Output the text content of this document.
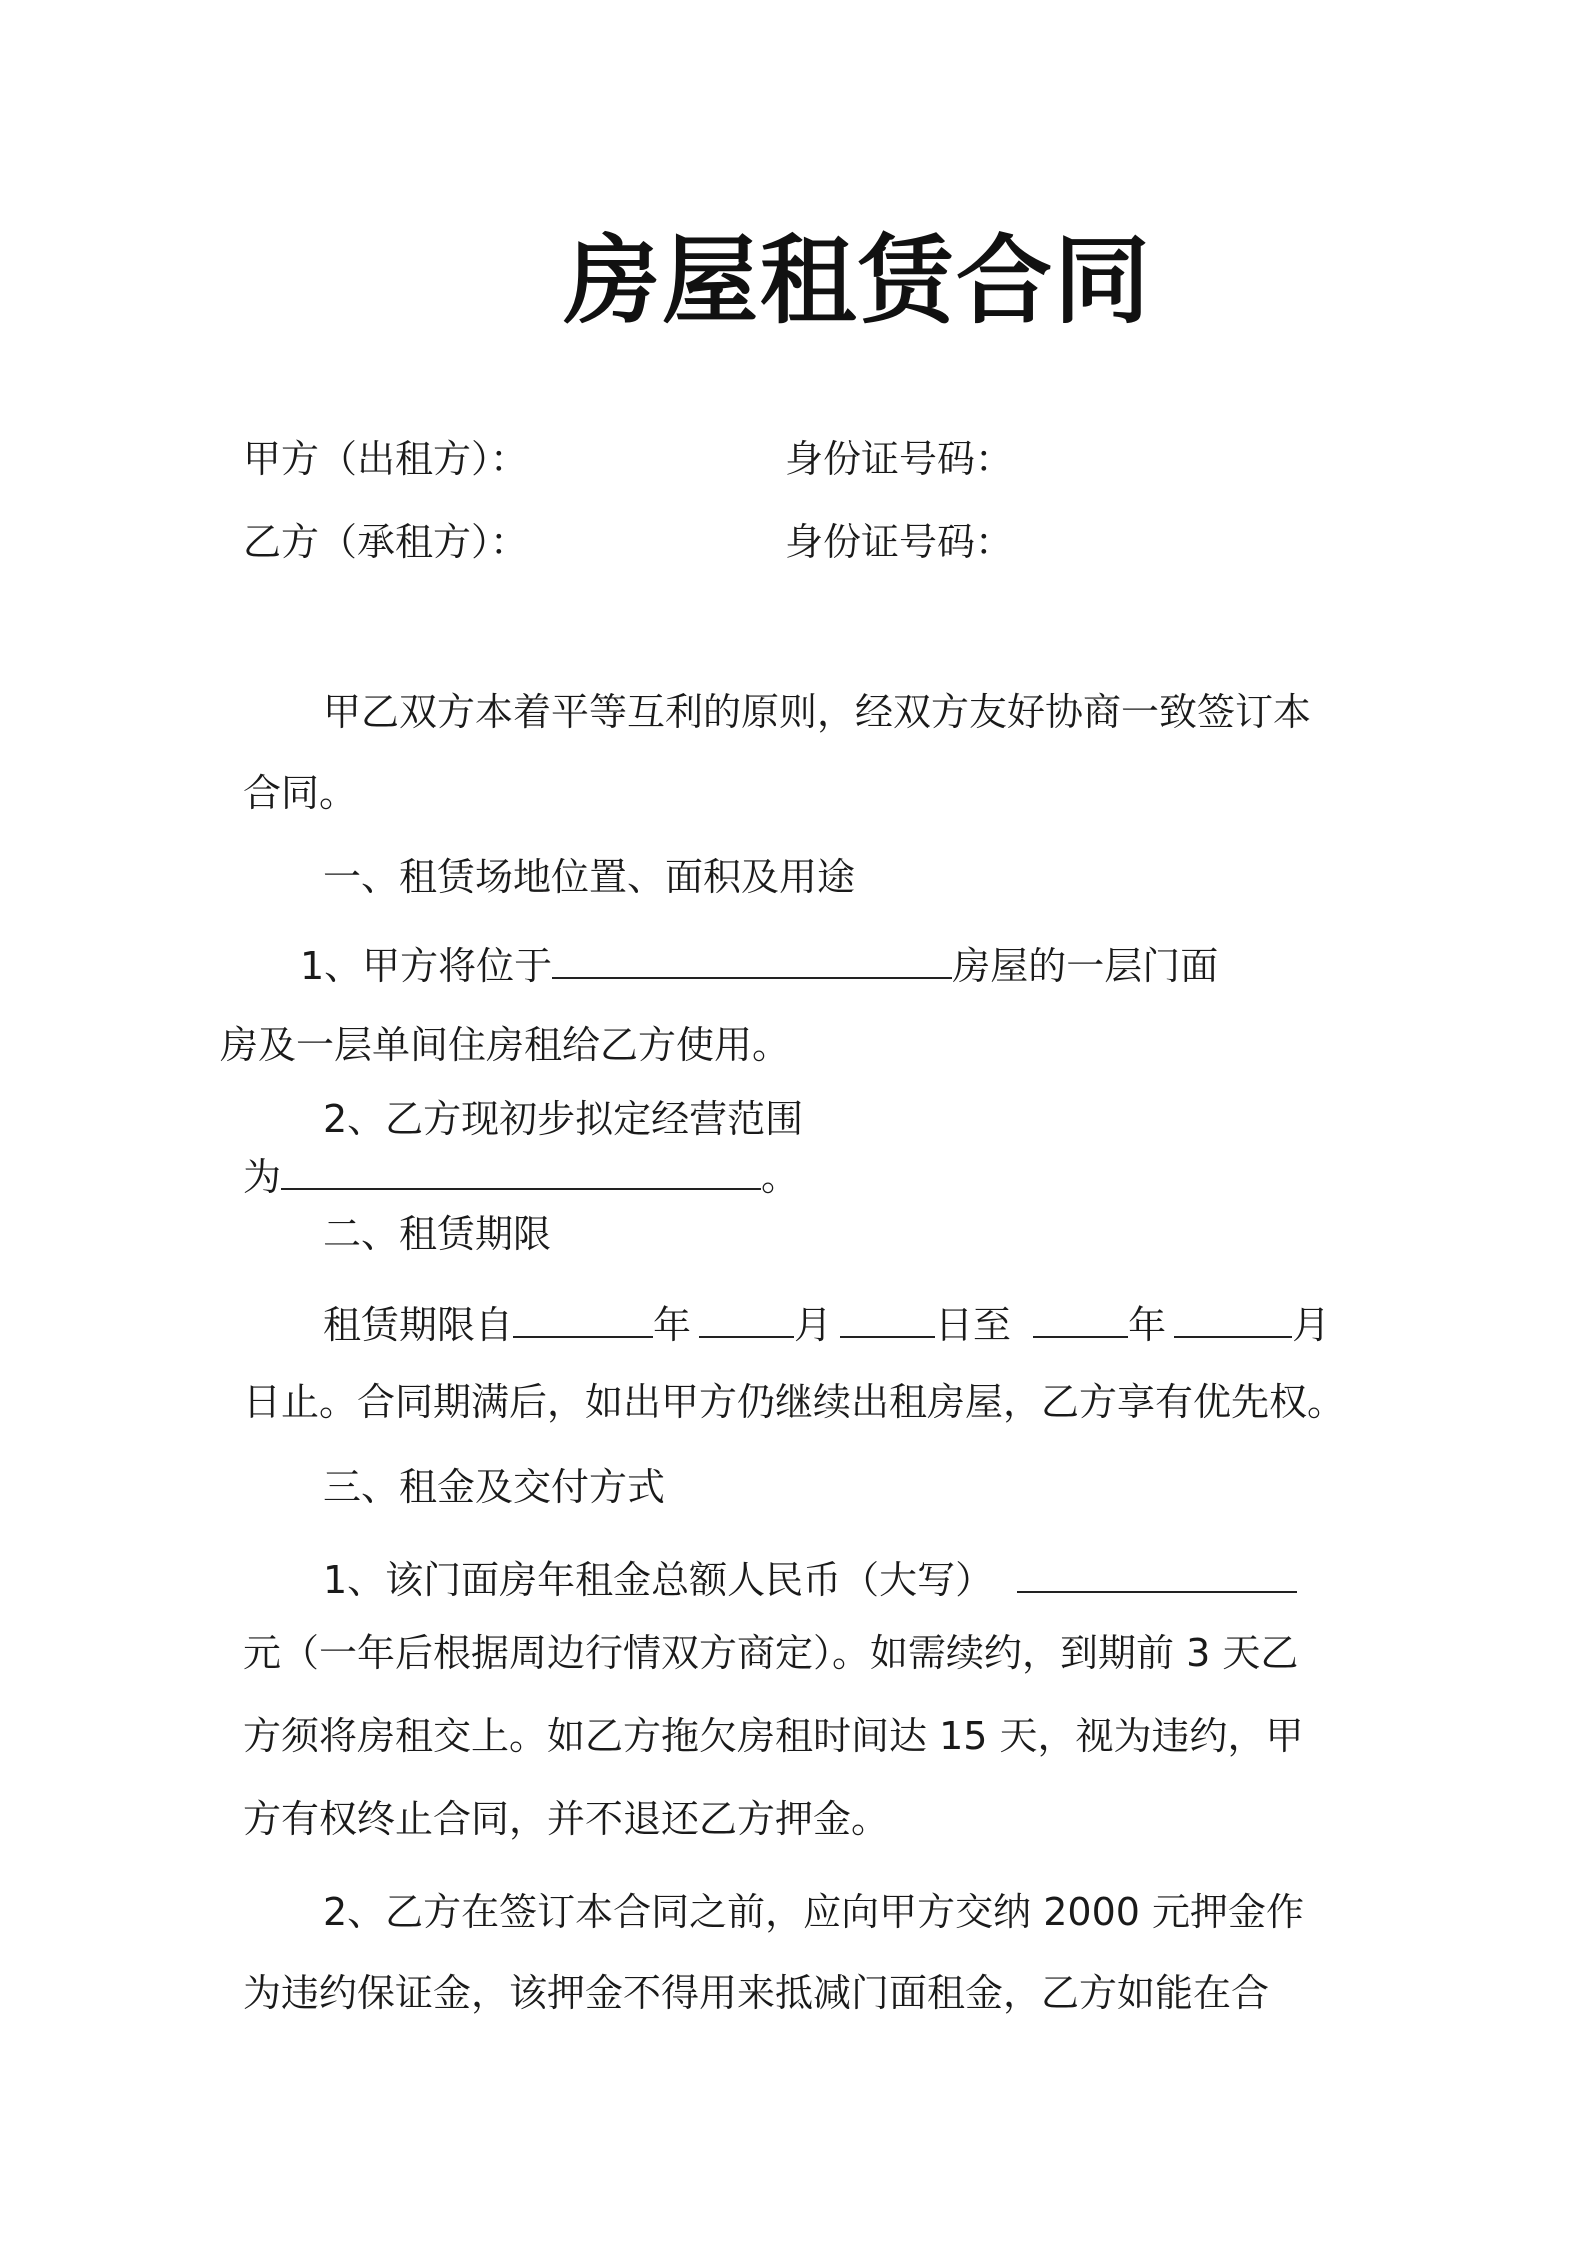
房屋租赁合同
甲方（出租方）：	身份证号码：
乙方（承租方）：	身份证号码：
甲乙双方本着平等互利的原则，经双方友好协商一致签订本
合同。
一、租赁场地位置、面积及用途
1、甲方将位于	房屋的一层门面
房及一层单间住房租给乙方使用。
2、乙方现初步拟定经营范围
为	。
二、租赁期限
租赁期限自	年	月	日至	年	月
日止。合同期满后，如出甲方仍继续出租房屋，乙方享有优先权。
三、租金及交付方式
1、该门面房年租金总额人民币（大写）
元（一年后根据周边行情双方商定）。如需续约，到期前 3 天乙
方须将房租交上。如乙方拖欠房租时间达 15 天，视为违约，甲
方有权终止合同，并不退还乙方押金。
2、乙方在签订本合同之前，应向甲方交纳 2000 元押金作
为违约保证金，该押金不得用来抵减门面租金，乙方如能在合
